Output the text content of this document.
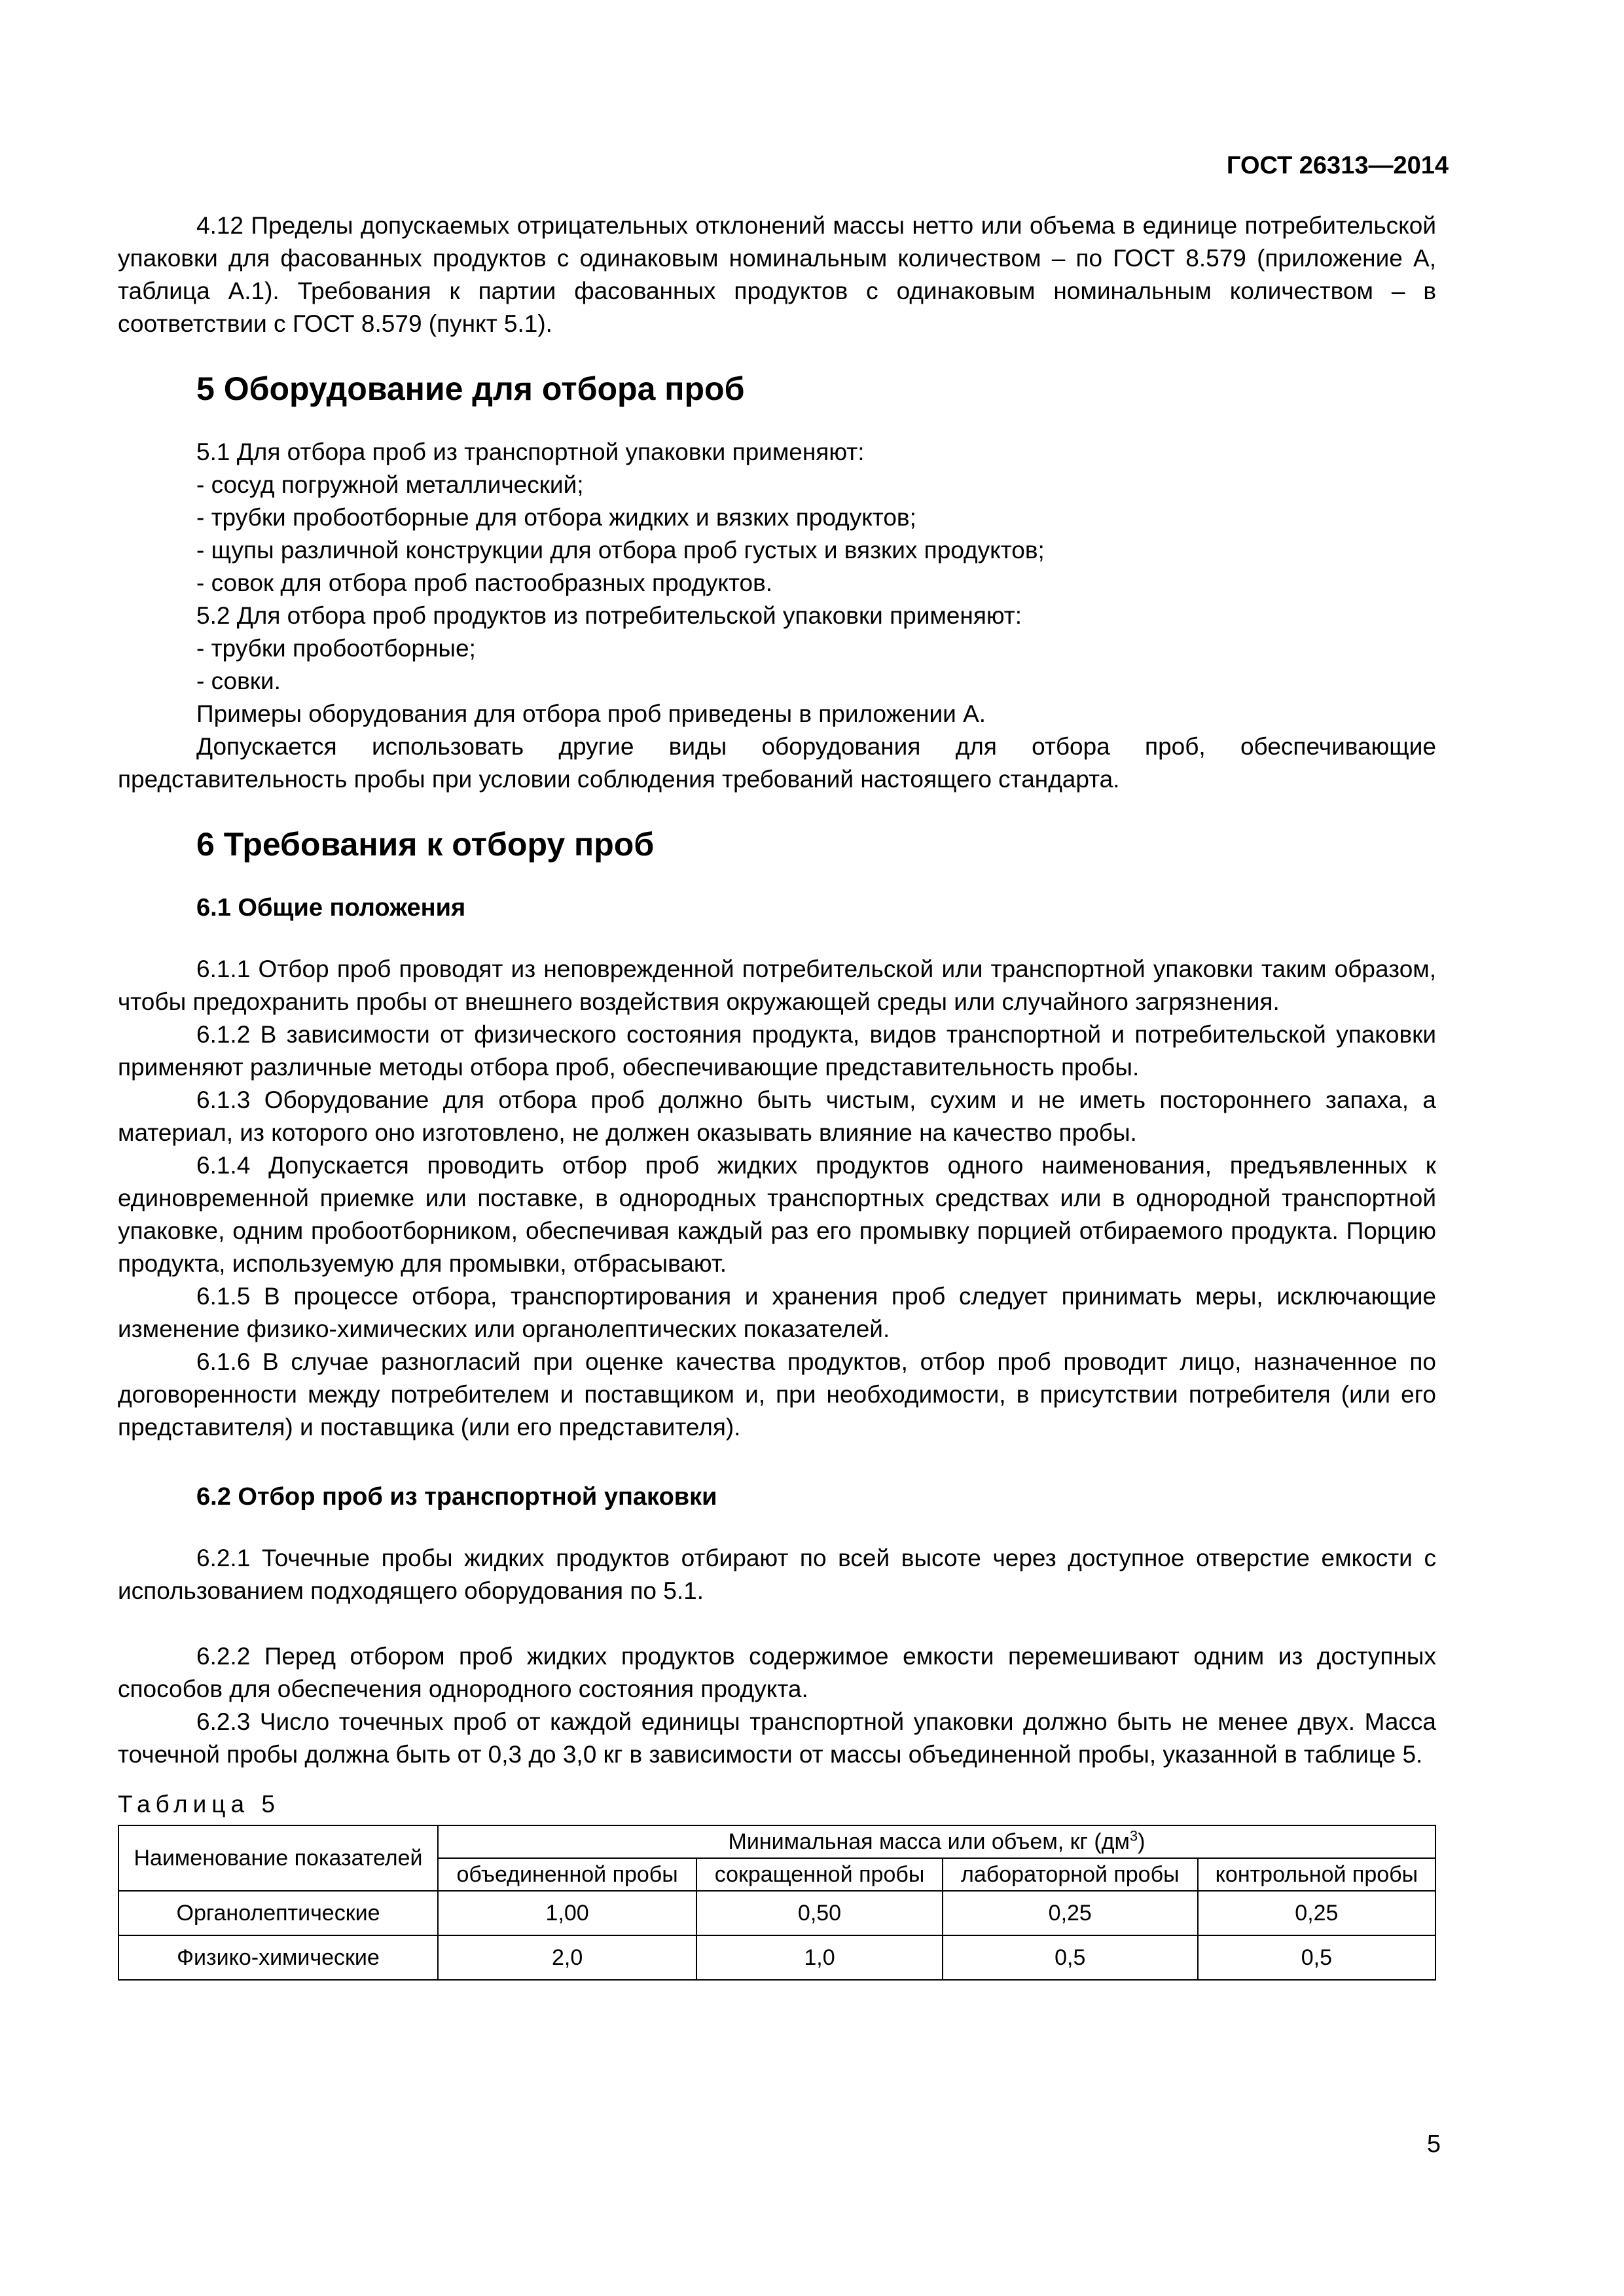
ГОСТ 26313—2014

4.12 Пределы допускаемых отрицательных отклонений массы нетто или объема в единице потребительской упаковки для фасованных продуктов с одинаковым номинальным количеством – по ГОСТ 8.579 (приложение А, таблица А.1). Требования к партии фасованных продуктов с одинаковым номинальным количеством – в соответствии с ГОСТ 8.579 (пункт 5.1).

5 Оборудование для отбора проб

5.1 Для отбора проб из транспортной упаковки применяют:

- сосуд погружной металлический;

- трубки пробоотборные для отбора жидких и вязких продуктов;

- щупы различной конструкции для отбора проб густых и вязких продуктов;

- совок для отбора проб пастообразных продуктов.

5.2 Для отбора проб продуктов из потребительской упаковки применяют:

- трубки пробоотборные;

- совки.

Примеры оборудования для отбора проб приведены в приложении А.

Допускается использовать другие виды оборудования для отбора проб, обеспечивающие представительность пробы при условии соблюдения требований настоящего стандарта.

6 Требования к отбору проб
6.1 Общие положения

6.1.1 Отбор проб проводят из неповрежденной потребительской или транспортной упаковки таким образом, чтобы предохранить пробы от внешнего воздействия окружающей среды или случайного загрязнения.

6.1.2 В зависимости от физического состояния продукта, видов транспортной и потребительской упаковки применяют различные методы отбора проб, обеспечивающие представительность пробы.

6.1.3 Оборудование для отбора проб должно быть чистым, сухим и не иметь постороннего запаха, а материал, из которого оно изготовлено, не должен оказывать влияние на качество пробы.

6.1.4 Допускается проводить отбор проб жидких продуктов одного наименования, предъявленных к единовременной приемке или поставке, в однородных транспортных средствах или в однородной транспортной упаковке, одним пробоотборником, обеспечивая каждый раз его промывку порцией отбираемого продукта. Порцию продукта, используемую для промывки, отбрасывают.

6.1.5 В процессе отбора, транспортирования и хранения проб следует принимать меры, исключающие изменение физико-химических или органолептических показателей.

6.1.6 В случае разногласий при оценке качества продуктов, отбор проб проводит лицо, назначенное по договоренности между потребителем и поставщиком и, при необходимости, в присутствии потребителя (или его представителя) и поставщика (или его представителя).

6.2 Отбор проб из транспортной упаковки

6.2.1 Точечные пробы жидких продуктов отбирают по всей высоте через доступное отверстие емкости с использованием подходящего оборудования по 5.1.

6.2.2 Перед отбором проб жидких продуктов содержимое емкости перемешивают одним из доступных способов для обеспечения однородного состояния продукта.

6.2.3 Число точечных проб от каждой единицы транспортной упаковки должно быть не менее двух. Масса точечной пробы должна быть от 0,3 до 3,0 кг в зависимости от массы объединенной пробы, указанной в таблице 5.

Таблица 5
Наименование показателей	Минимальная масса или объем, кг $(дм^3)$			
	объединенной пробы	сокращенной пробы	лабораторной пробы	контрольной пробы
Органолептические	1,00	0,50	0,25	0,25
Физико-химические	2,0	1,0	0,5	0,5
5
